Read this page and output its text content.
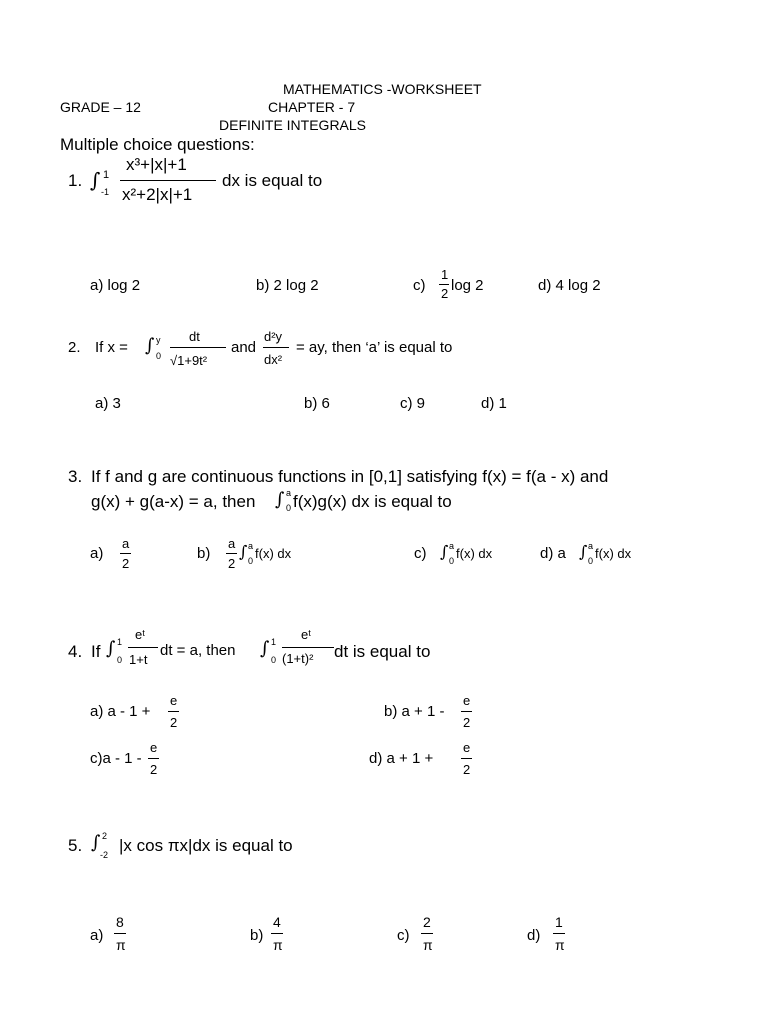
MATHEMATICS -WORKSHEET
GRADE – 12	CHAPTER - 7
DEFINITE INTEGRALS
Multiple choice questions:
1. ∫ 1
-1
x³+|x|+1
x²+2|x|+1
dx is equal to
a) log 2	b) 2 log 2	c)
1
2 log 2	d) 4 log 2
2. If x = ∫ y
0
dt
√1+9t²
and
d²y
dx²
= ay, then ‘a’ is equal to
a) 3	b) 6	c) 9	d) 1
3. If f and g are continuous functions in [0,1] satisfying f(x) = f(a - x) and
g(x) + g(a-x) = a, then ∫ a
0 f(x)g(x) dx is equal to
a)
a
2
b)
a
2
∫ a
0 f(x) dx	c) ∫ a
0 f(x) dx	d) a ∫ a
0 f(x) dx
4. If ∫ 1
0
eᵗ
1+t
dt = a, then ∫ 1
0
eᵗ
(1+t)² dt is equal to
a) a - 1 +
e
2
b) a + 1 -
e
2
c)a - 1 -
e
2
d) a + 1 +
e
2
5. ∫ 2
-2 |x cos πx|dx is equal to
a)
8
π
b)
4
π
c)
2
π
d)
1
π
